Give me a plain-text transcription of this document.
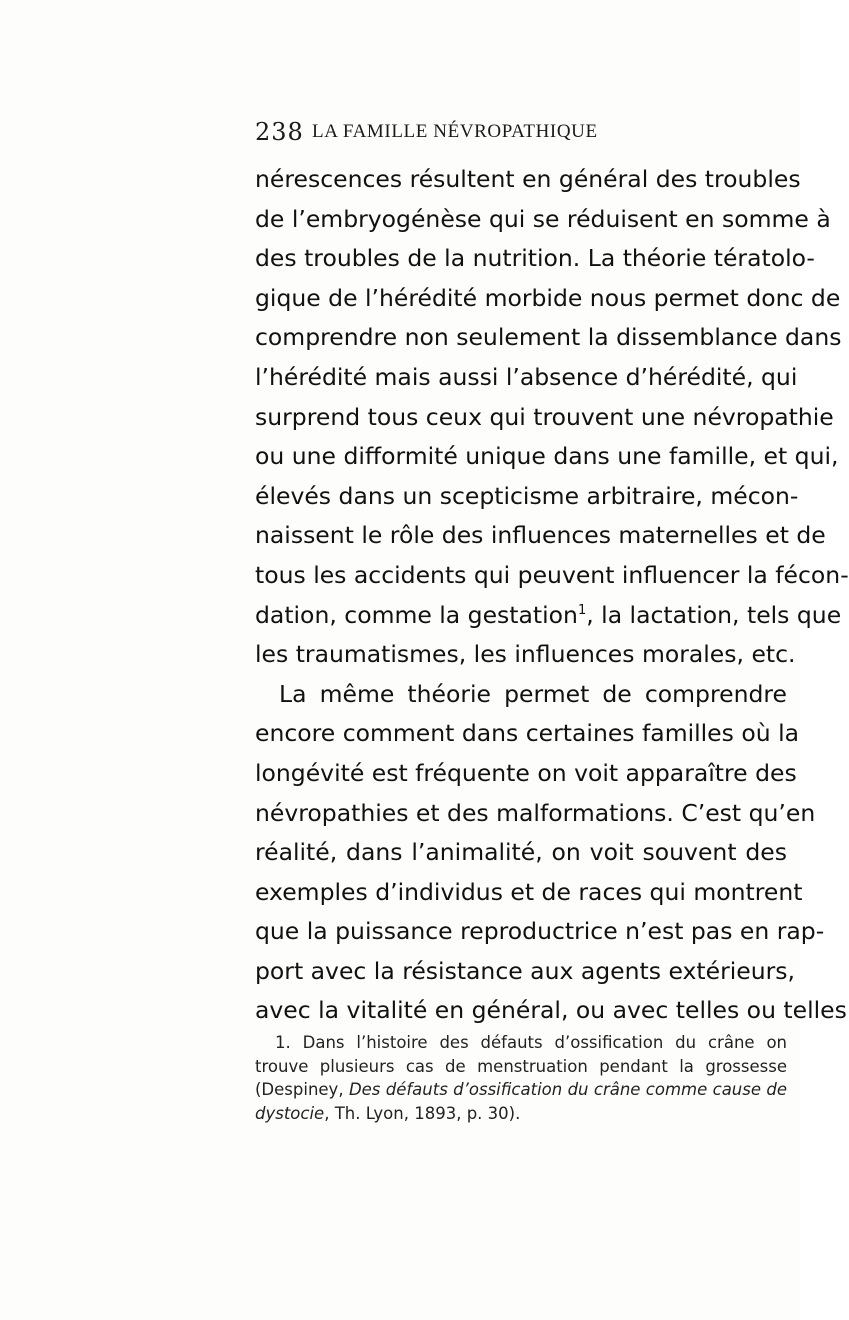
238 LA FAMILLE NÉVROPATHIQUE
nérescences résultent en général des troubles
de l’embryogénèse qui se réduisent en somme à
des troubles de la nutrition. La théorie tératolo-
gique de l’hérédité morbide nous permet donc de
comprendre non seulement la dissemblance dans
l’hérédité mais aussi l’absence d’hérédité, qui
surprend tous ceux qui trouvent une névropathie
ou une difformité unique dans une famille, et qui,
élevés dans un scepticisme arbitraire, mécon-
naissent le rôle des influences maternelles et de
tous les accidents qui peuvent influencer la fécon-
dation, comme la gestation$^1$, la lactation, tels que
les traumatismes, les influences morales, etc.
La même théorie permet de comprendre
encore comment dans certaines familles où la
longévité est fréquente on voit apparaître des
névropathies et des malformations. C’est qu’en
réalité, dans l’animalité, on voit souvent des
exemples d’individus et de races qui montrent
que la puissance reproductrice n’est pas en rap-
port avec la résistance aux agents extérieurs,
avec la vitalité en général, ou avec telles ou telles
1. Dans l’histoire des défauts d’ossification du crâne on
trouve plusieurs cas de menstruation pendant la grossesse
(Despiney, Des défauts d’ossification du crâne comme cause de
dystocie, Th. Lyon, 1893, p. 30).
